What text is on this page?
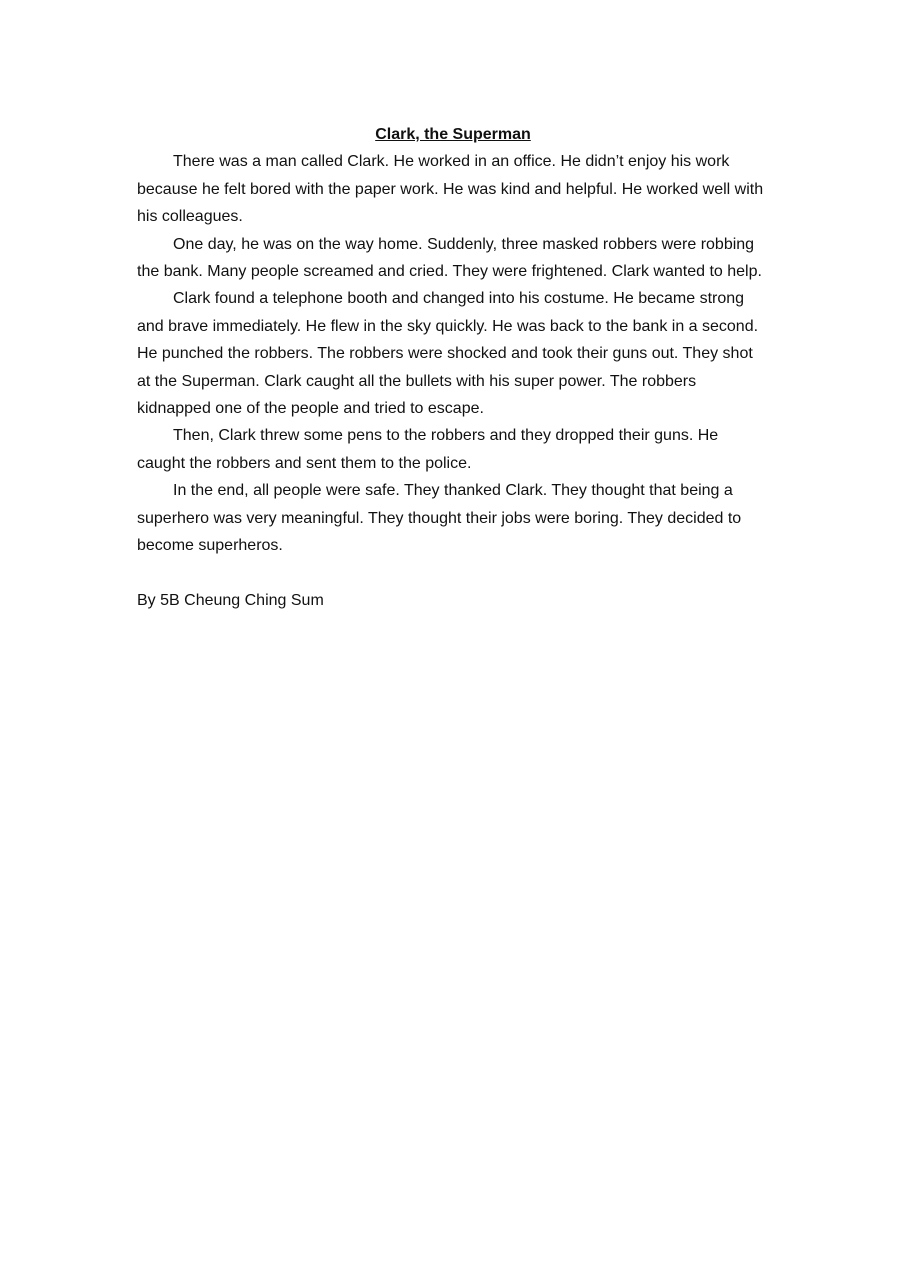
Clark, the Superman

There was a man called Clark. He worked in an office. He didn’t enjoy his work because he felt bored with the paper work. He was kind and helpful. He worked well with his colleagues.

One day, he was on the way home. Suddenly, three masked robbers were robbing the bank. Many people screamed and cried. They were frightened. Clark wanted to help.

Clark found a telephone booth and changed into his costume. He became strong and brave immediately. He flew in the sky quickly. He was back to the bank in a second. He punched the robbers. The robbers were shocked and took their guns out. They shot at the Superman. Clark caught all the bullets with his super power. The robbers kidnapped one of the people and tried to escape.

Then, Clark threw some pens to the robbers and they dropped their guns. He caught the robbers and sent them to the police.

In the end, all people were safe. They thanked Clark. They thought that being a superhero was very meaningful. They thought their jobs were boring. They decided to become superheros.

By 5B Cheung Ching Sum
